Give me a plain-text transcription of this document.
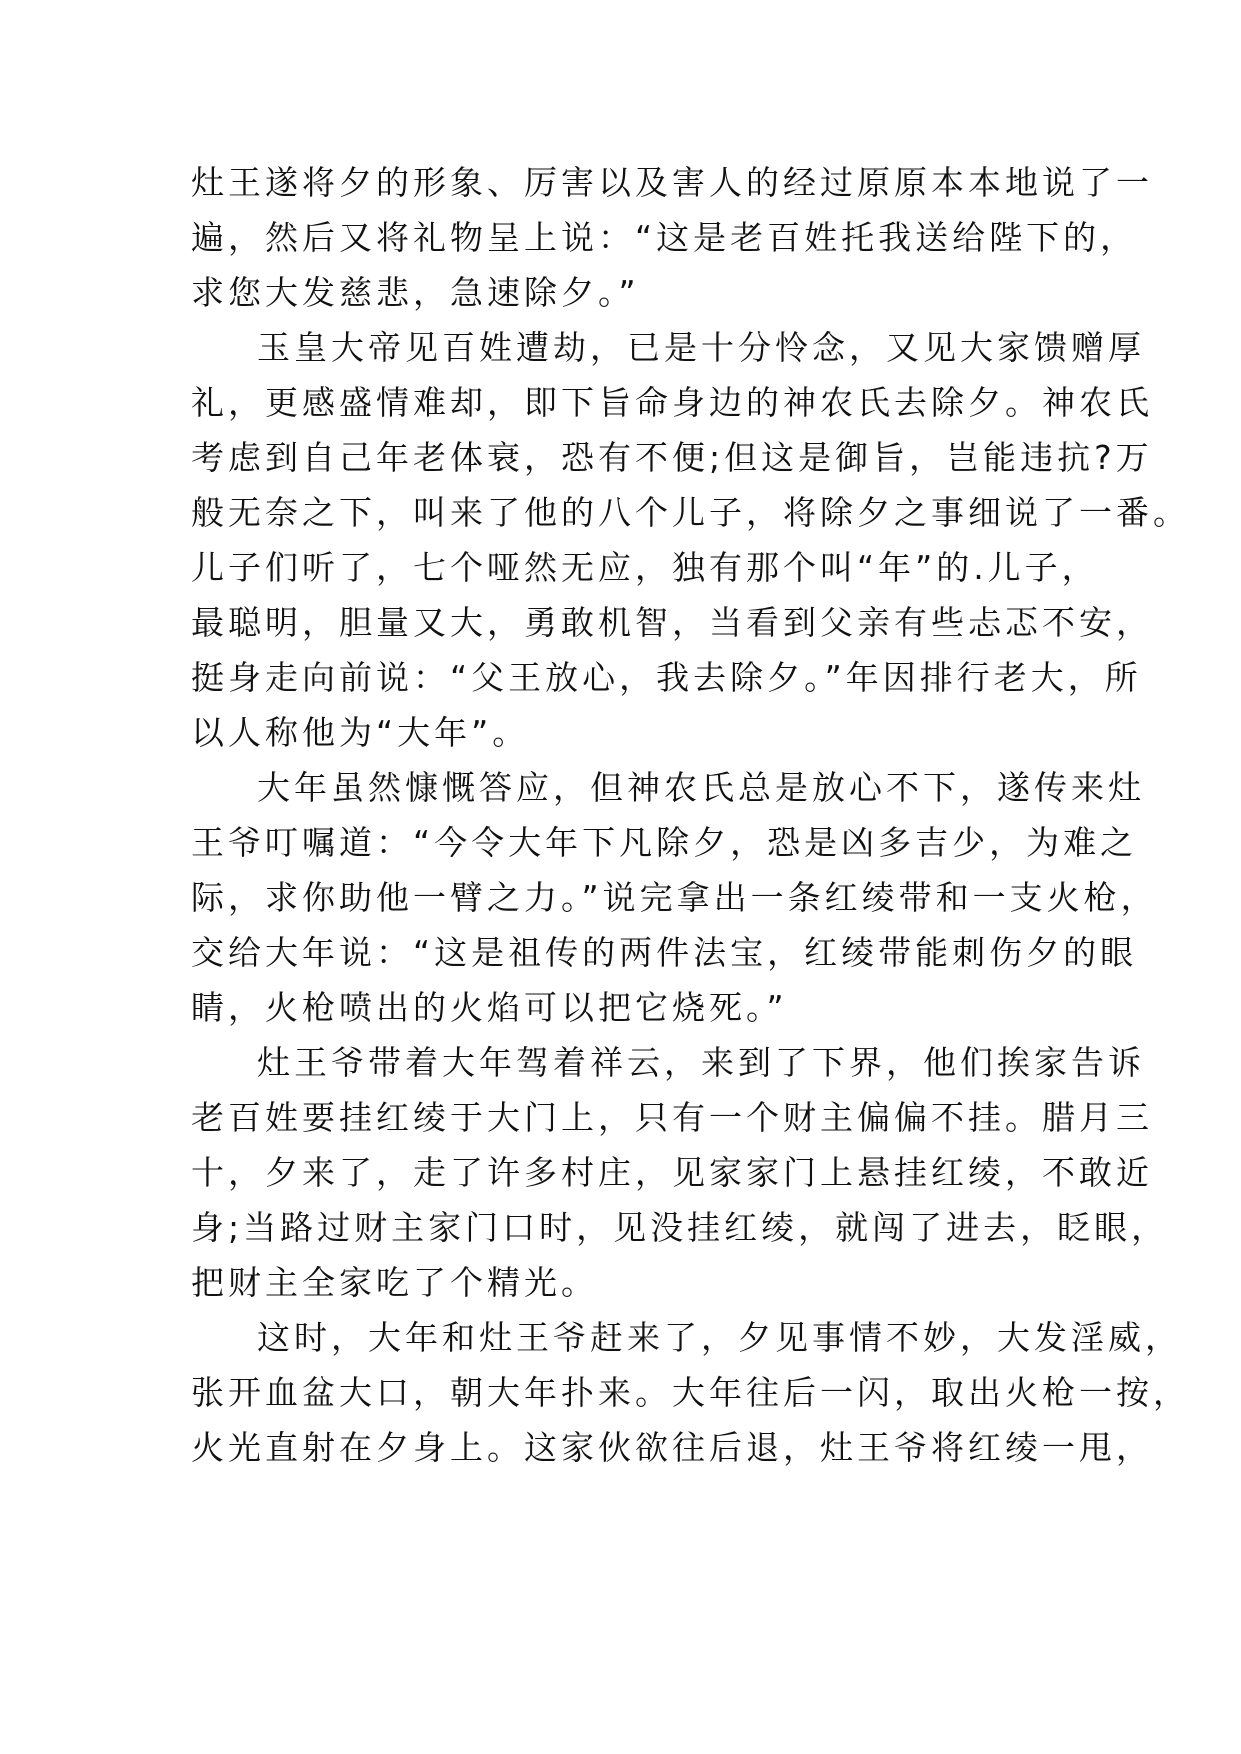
灶王遂将夕的形象、厉害以及害人的经过原原本本地说了一
遍，然后又将礼物呈上说：“这是老百姓托我送给陛下的，
求您大发慈悲，急速除夕。”
玉皇大帝见百姓遭劫，已是十分怜念，又见大家馈赠厚
礼，更感盛情难却，即下旨命身边的神农氏去除夕。神农氏
考虑到自己年老体衰，恐有不便;但这是御旨，岂能违抗?万
般无奈之下，叫来了他的八个儿子，将除夕之事细说了一番。
儿子们听了，七个哑然无应，独有那个叫“年”的.儿子，
最聪明，胆量又大，勇敢机智，当看到父亲有些忐忑不安，
挺身走向前说：“父王放心，我去除夕。”年因排行老大，所
以人称他为“大年”。
大年虽然慷慨答应，但神农氏总是放心不下，遂传来灶
王爷叮嘱道：“今令大年下凡除夕，恐是凶多吉少，为难之
际，求你助他一臂之力。”说完拿出一条红绫带和一支火枪，
交给大年说：“这是祖传的两件法宝，红绫带能刺伤夕的眼
睛，火枪喷出的火焰可以把它烧死。”
灶王爷带着大年驾着祥云，来到了下界，他们挨家告诉
老百姓要挂红绫于大门上，只有一个财主偏偏不挂。腊月三
十，夕来了，走了许多村庄，见家家门上悬挂红绫，不敢近
身;当路过财主家门口时，见没挂红绫，就闯了进去，眨眼，
把财主全家吃了个精光。
这时，大年和灶王爷赶来了，夕见事情不妙，大发淫威，
张开血盆大口，朝大年扑来。大年往后一闪，取出火枪一按，
火光直射在夕身上。这家伙欲往后退，灶王爷将红绫一甩，
